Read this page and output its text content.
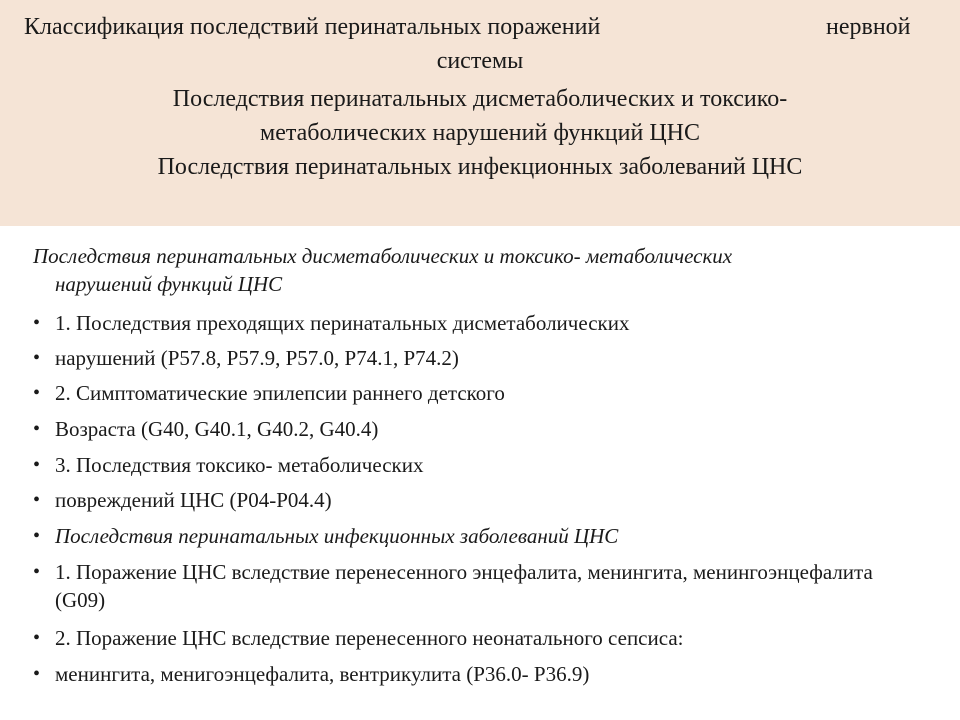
Классификация последствий перинатальных поражений	нервной
системы
Последствия перинатальных дисметаболических и токсико-
метаболических нарушений функций ЦНС
Последствия перинатальных инфекционных заболеваний ЦНС
Последствия перинатальных дисметаболических и токсико- метаболических
нарушений функций ЦНС
• 1. Последствия преходящих перинатальных дисметаболических
• нарушений (Р57.8, Р57.9, Р57.0, Р74.1, Р74.2)
• 2. Симптоматические эпилепсии раннего детского
• Возраста (G40, G40.1, G40.2, G40.4)
• 3. Последствия токсико- метаболических
• повреждений ЦНС (Р04-Р04.4)
• Последствия перинатальных инфекционных заболеваний ЦНС
• 1. Поражение ЦНС вследствие перенесенного энцефалита, менингита, менингоэнцефалита (G09)
• 2. Поражение ЦНС вследствие перенесенного неонатального сепсиса:
• менингита, менигоэнцефалита, вентрикулита (Р36.0- Р36.9)
